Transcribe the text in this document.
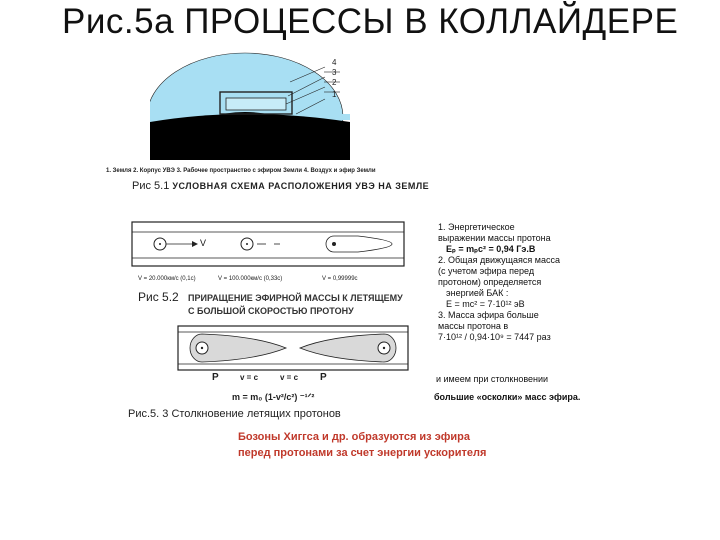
Рис.5а ПРОЦЕССЫ В КОЛЛАЙДЕРЕ
4
3
2
1
1. Земля 2. Корпус УВЭ 3. Рабочее пространство с эфиром Земли 4. Воздух и эфир Земли
Рис 5.1 УСЛОВНАЯ СХЕМА РАСПОЛОЖЕНИЯ УВЭ НА ЗЕМЛЕ
V
V = 20.000км/с (0,1с)	V = 100.000км/с (0,33с)	V = 0,99999с
Рис 5.2 ПРИРАЩЕНИЕ ЭФИРНОЙ МАССЫ К ЛЕТЯЩЕМУ
С БОЛЬШОЙ СКОРОСТЬЮ ПРОТОНУ
P	v = c	v = c P
m = m₀ (1-v²/c²) ⁻¹ᐟ²
Рис.5. 3 Столкновение летящих протонов
1. Энергетическое
выражении массы протона
Eₚ = mₚc² = 0,94 Гэ.В
2. Общая движущаяся масса
(с учетом эфира перед
протоном) определяется
энергией БАК :
E = mc² = 7·10¹² эВ
3. Масса эфира больше
массы протона в
7·10¹² / 0,94·10⁹ = 7447 раз
и имеем при столкновении
большие «осколки» масс эфира.
Бозоны Хиггса и др. образуются из эфира
перед протонами за счет энергии ускорителя
